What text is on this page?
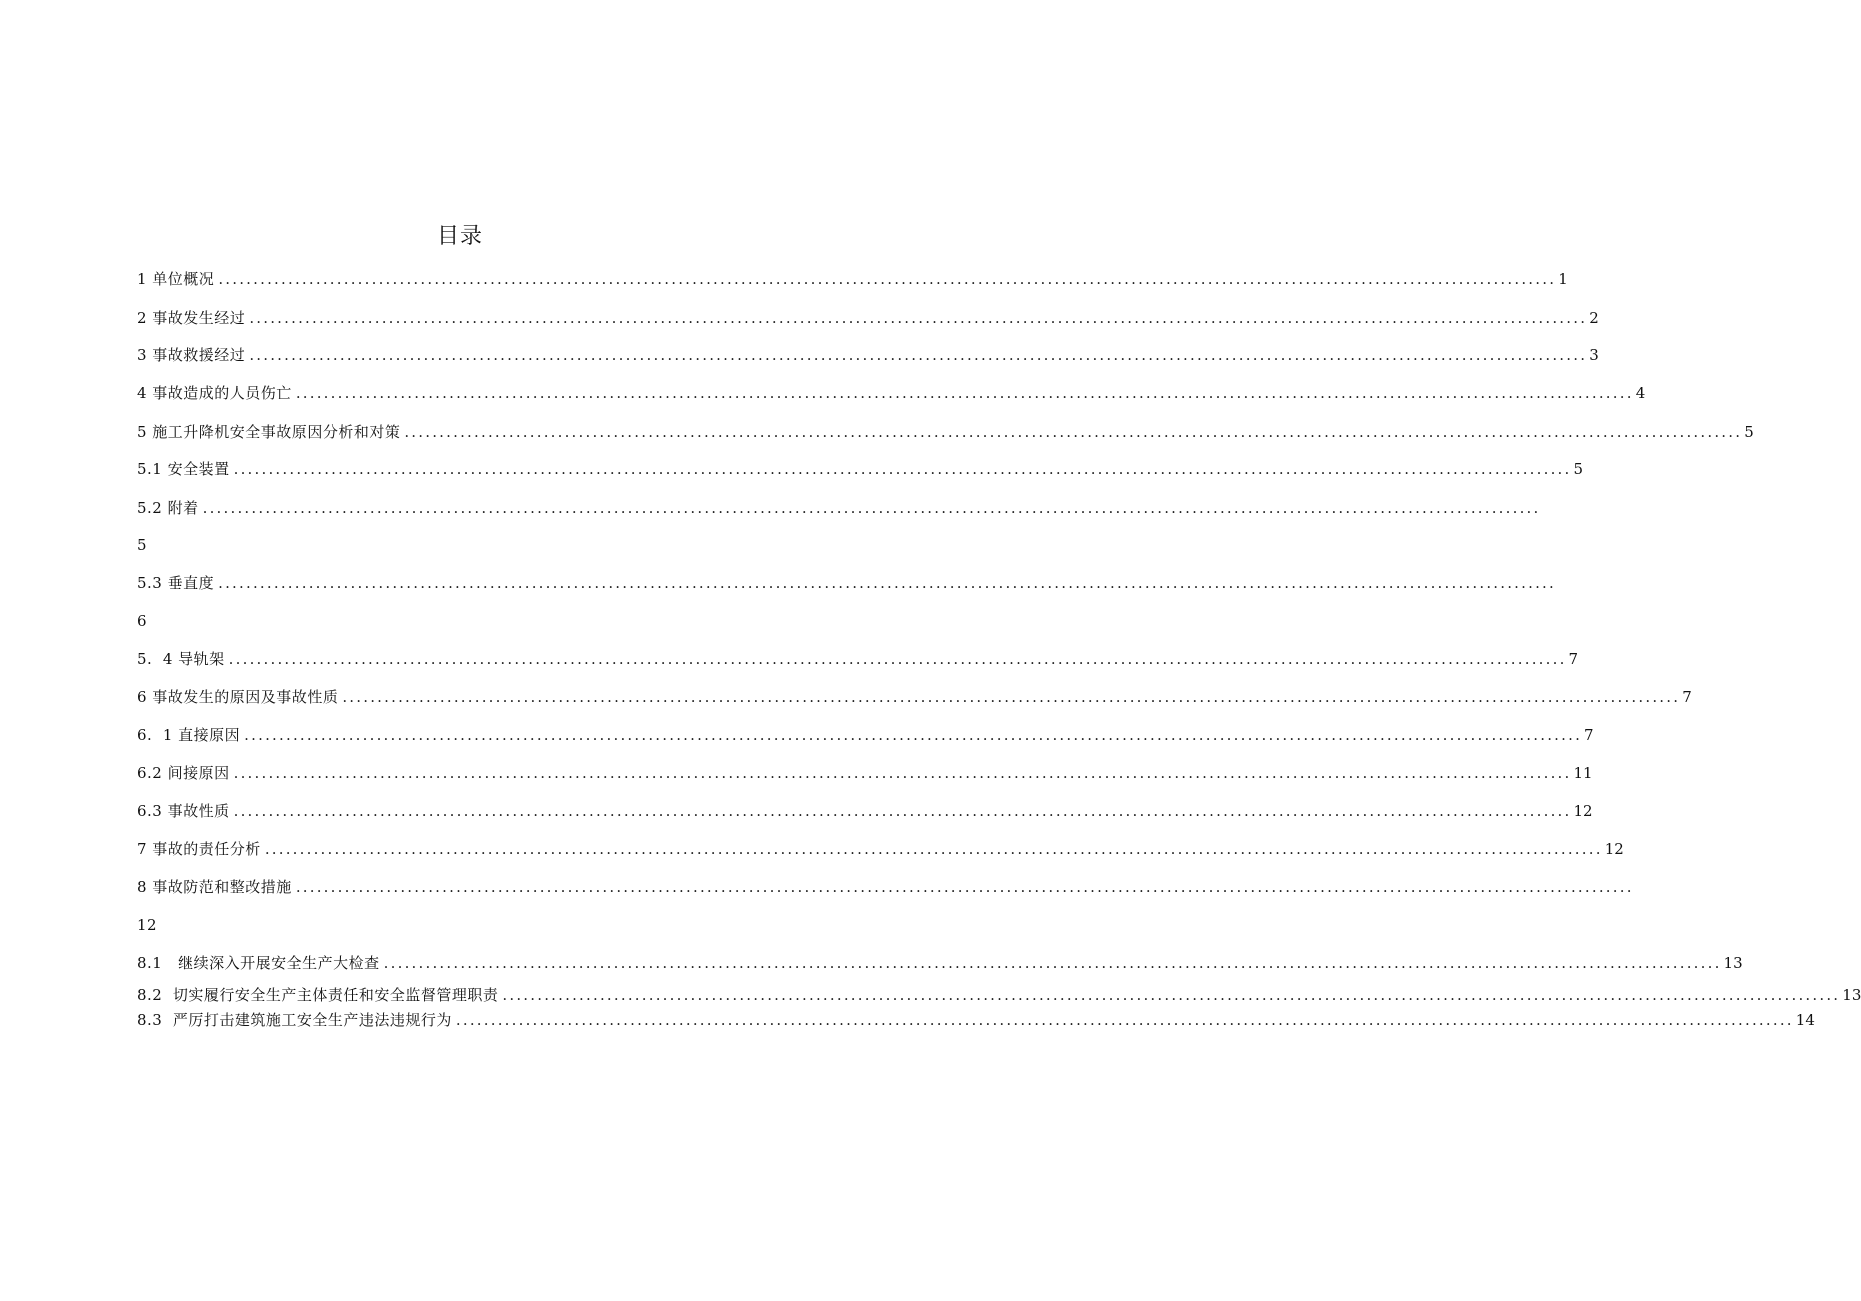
目录
1 单位概况 ................................................................................................................................................................................................ 1
2 事故发生经过 ................................................................................................................................................................................................ 2
3 事故救援经过 ................................................................................................................................................................................................ 3
4 事故造成的人员伤亡 ................................................................................................................................................................................................ 4
5 施工升降机安全事故原因分析和对策 ................................................................................................................................................................................................ 5
5.1 安全装置 ................................................................................................................................................................................................ 5
5.2 附着 ................................................................................................................................................................................................
5
5.3 垂直度 ................................................................................................................................................................................................
6
5.  4 导轨架 ................................................................................................................................................................................................ 7
6 事故发生的原因及事故性质 ................................................................................................................................................................................................ 7
6.  1 直接原因 ................................................................................................................................................................................................ 7
6.2 间接原因 ................................................................................................................................................................................................ 11
6.3 事故性质 ................................................................................................................................................................................................ 12
7 事故的责任分析 ................................................................................................................................................................................................ 12
8 事故防范和整改措施 ................................................................................................................................................................................................
12
8.1   继续深入开展安全生产大检查 ................................................................................................................................................................................................ 13
8.2  切实履行安全生产主体责任和安全监督管理职责 ................................................................................................................................................................................................ 13
8.3  严厉打击建筑施工安全生产违法违规行为 ................................................................................................................................................................................................ 14
